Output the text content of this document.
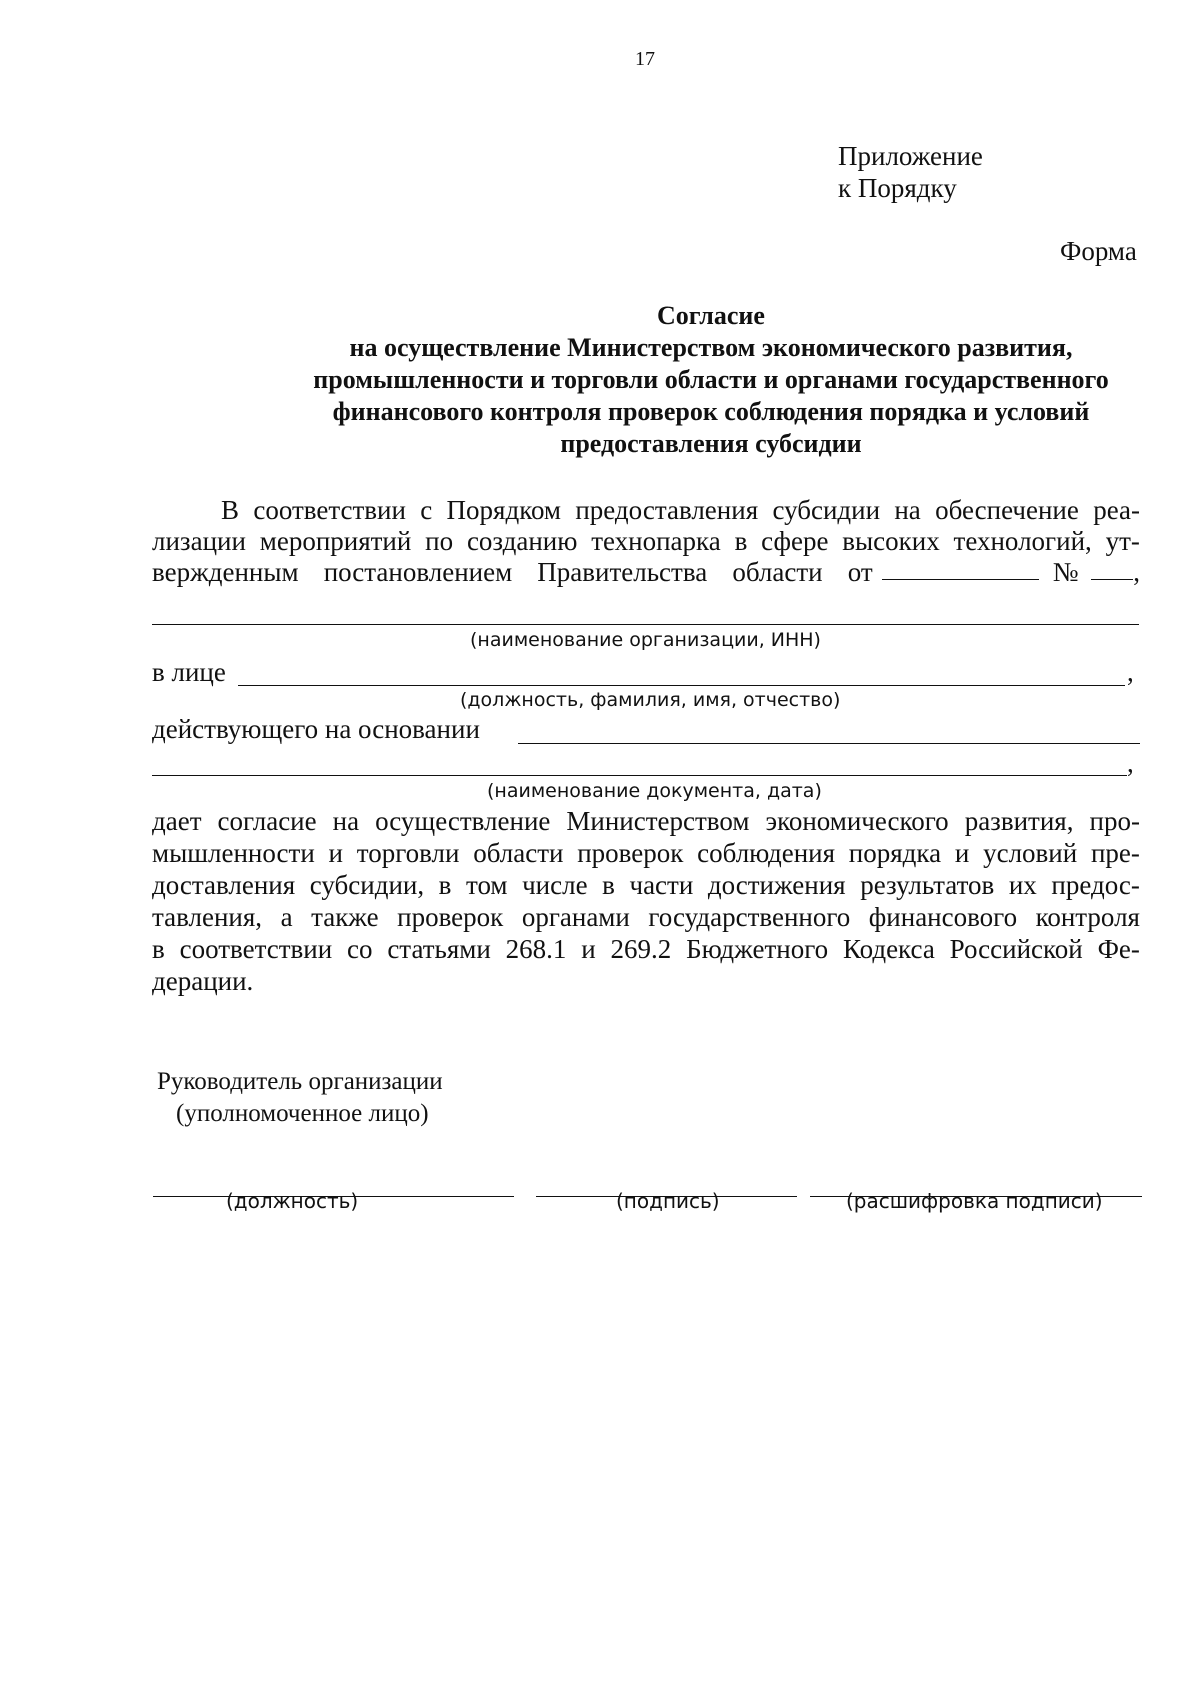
17
Приложение
к Порядку
Форма
Согласие
на осуществление Министерством экономического развития,
промышленности и торговли области и органами государственного
финансового контроля проверок соблюдения порядка и условий
предоставления субсидии
В соответствии с Порядком предоставления субсидии на обеспечение реа-
лизации мероприятий по созданию технопарка в сфере высоких технологий, ут-
вержденным постановлением Правительства области от	№ ,
(наименование организации, ИНН)
в лице	,
(должность, фамилия, имя, отчество)
действующего на основании
,
(наименование документа, дата)
дает согласие на осуществление Министерством экономического развития, про-
мышленности и торговли области проверок соблюдения порядка и условий пре-
доставления субсидии, в том числе в части достижения результатов их предос-
тавления, а также проверок органами государственного финансового контроля
в соответствии со статьями 268.1 и 269.2 Бюджетного Кодекса Российской Фе-
дерации.
Руководитель организации
(уполномоченное лицо)
(должность)	(подпись)	(расшифровка подписи)
